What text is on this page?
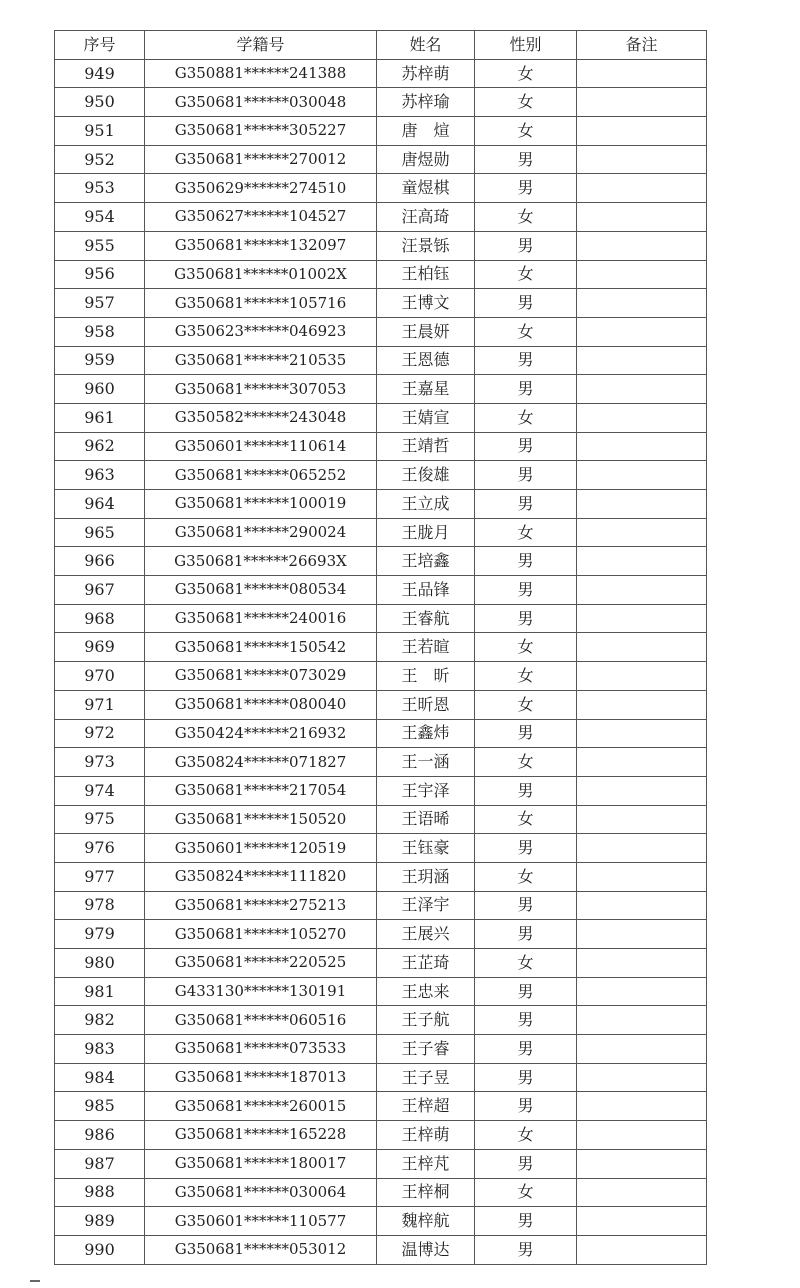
序号	学籍号	姓名	性别	备注
949	G350881******241388	苏梓萌	女	
950	G350681******030048	苏梓瑜	女	
951	G350681******305227	唐　煊	女	
952	G350681******270012	唐煜勋	男	
953	G350629******274510	童煜棋	男	
954	G350627******104527	汪高琦	女	
955	G350681******132097	汪景铄	男	
956	G350681******01002X	王柏钰	女	
957	G350681******105716	王博文	男	
958	G350623******046923	王晨妍	女	
959	G350681******210535	王恩德	男	
960	G350681******307053	王嘉星	男	
961	G350582******243048	王婧宣	女	
962	G350601******110614	王靖哲	男	
963	G350681******065252	王俊雄	男	
964	G350681******100019	王立成	男	
965	G350681******290024	王胧月	女	
966	G350681******26693X	王培鑫	男	
967	G350681******080534	王品锋	男	
968	G350681******240016	王睿航	男	
969	G350681******150542	王若暄	女	
970	G350681******073029	王　昕	女	
971	G350681******080040	王昕恩	女	
972	G350424******216932	王鑫炜	男	
973	G350824******071827	王一涵	女	
974	G350681******217054	王宇泽	男	
975	G350681******150520	王语晞	女	
976	G350601******120519	王钰豪	男	
977	G350824******111820	王玥涵	女	
978	G350681******275213	王泽宇	男	
979	G350681******105270	王展兴	男	
980	G350681******220525	王芷琦	女	
981	G433130******130191	王忠来	男	
982	G350681******060516	王子航	男	
983	G350681******073533	王子睿	男	
984	G350681******187013	王子昱	男	
985	G350681******260015	王梓超	男	
986	G350681******165228	王梓萌	女	
987	G350681******180017	王梓芃	男	
988	G350681******030064	王梓桐	女	
989	G350601******110577	魏梓航	男	
990	G350681******053012	温博达	男	
